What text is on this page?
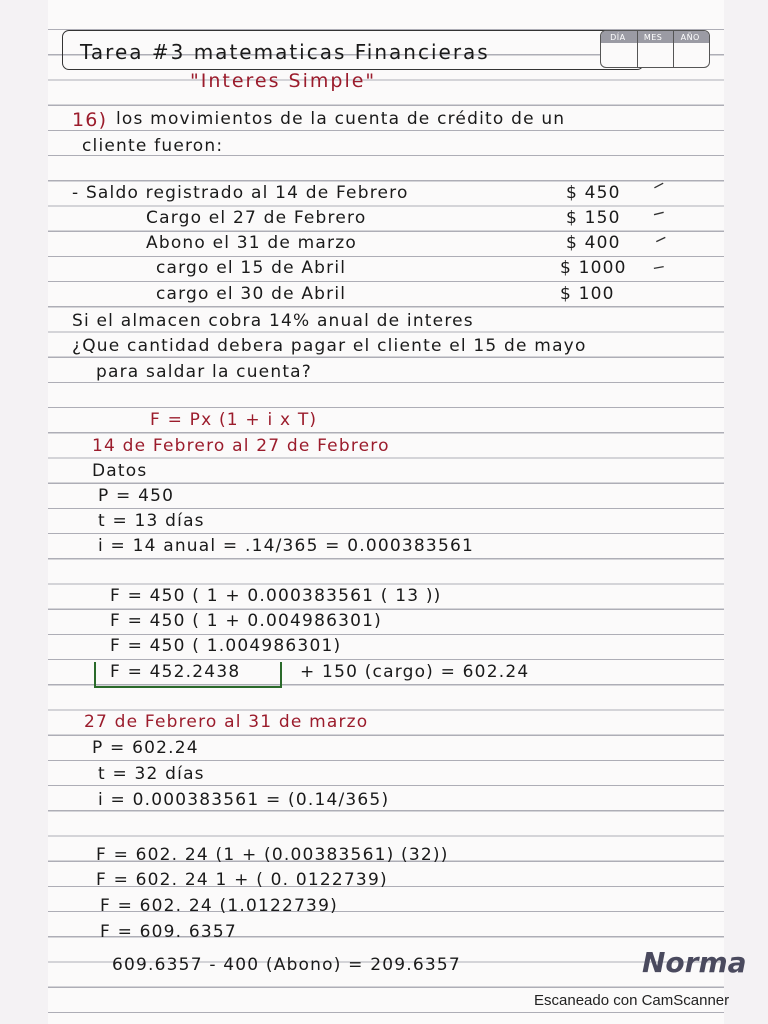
Tarea #3 matematicas Financieras
"Interes Simple"
DÍA MES AÑO
16) los movimientos de la cuenta de crédito de un
cliente fueron:
- Saldo registrado al 14 de Febrero	$ 450
Cargo el 27 de Febrero	$ 150
Abono el 31 de marzo	$ 400
cargo el 15 de Abril	$ 1000
cargo el 30 de Abril	$ 100
─
─
─
─
Si el almacen cobra 14% anual de interes
¿Que cantidad debera pagar el cliente el 15 de mayo
para saldar la cuenta?
F = Px (1 + i x T)
14 de Febrero al 27 de Febrero
Datos
P = 450
t = 13 días
i = 14 anual = .14/365 = 0.000383561
F = 450 ( 1 + 0.000383561 ( 13 ))
F = 450 ( 1 + 0.004986301)
F = 450 ( 1.004986301)
F = 452.2438	+ 150 (cargo) = 602.24
27 de Febrero al 31 de marzo
P = 602.24
t = 32 días
i = 0.000383561 = (0.14/365)
F = 602. 24 (1 + (0.00383561) (32))
F = 602. 24 1 + ( 0. 0122739)
F = 602. 24 (1.0122739)
F = 609. 6357
609.6357 - 400 (Abono) = 209.6357	Norma
Escaneado con CamScanner
